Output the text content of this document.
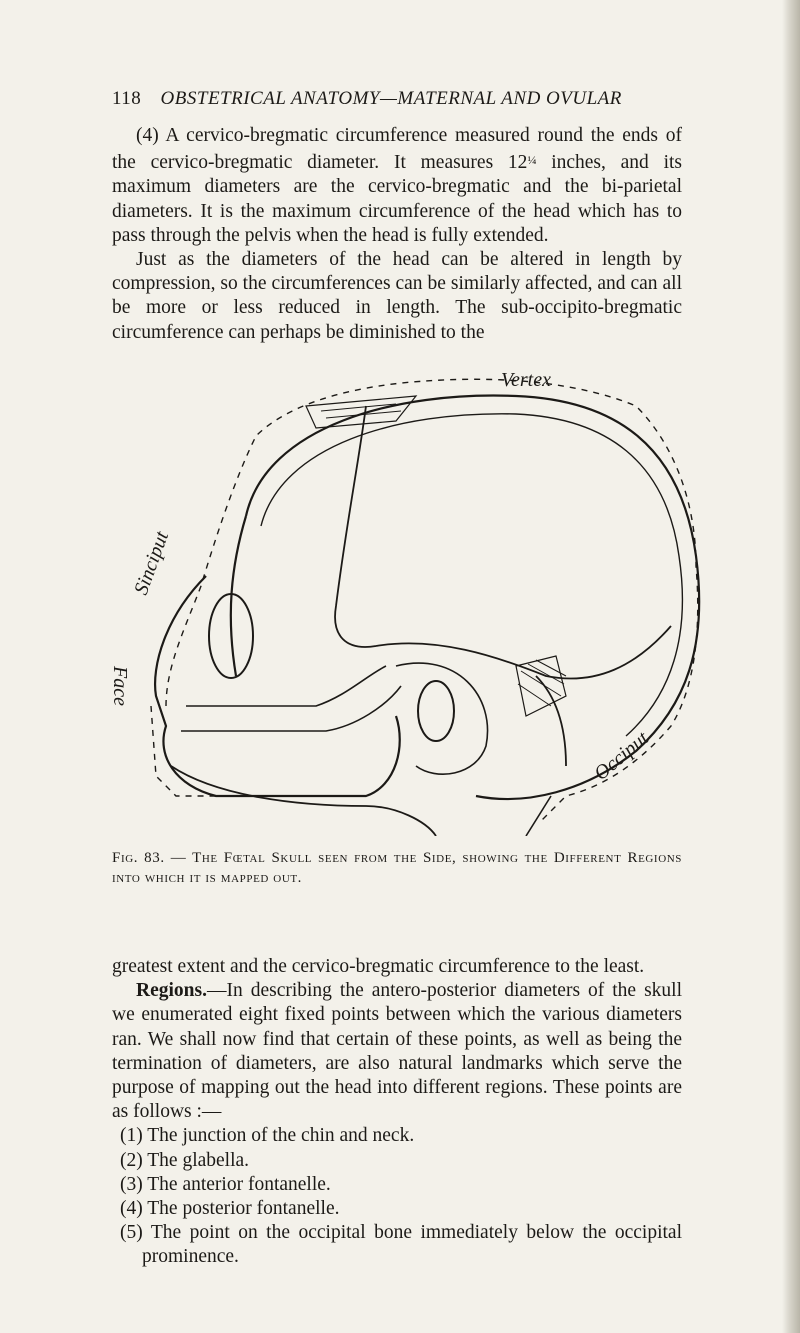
118 OBSTETRICAL ANATOMY—MATERNAL AND OVULAR

(4) A cervico-bregmatic circumference measured round the ends of the cervico-bregmatic diameter. It measures $12^{\frac{1}{4}}$ inches, and its maximum diameters are the cervico-bregmatic and the bi-parietal diameters. It is the maximum circumference of the head which has to pass through the pelvis when the head is fully extended.

Just as the diameters of the head can be altered in length by compression, so the circumferences can be similarly affected, and can all be more or less reduced in length. The sub-occipito-bregmatic circumference can perhaps be diminished to the

Vertex
Sinciput
Face
Occiput
Fig. 83. — The Fœtal Skull seen from the Side, showing the Different Regions into which it is mapped out.

greatest extent and the cervico-bregmatic circumference to the least.

Regions.—In describing the antero-posterior diameters of the skull we enumerated eight fixed points between which the various diameters ran. We shall now find that certain of these points, as well as being the termination of diameters, are also natural landmarks which serve the purpose of mapping out the head into different regions. These points are as follows :—

(1) The junction of the chin and neck.
(2) The glabella.
(3) The anterior fontanelle.
(4) The posterior fontanelle.
(5) The point on the occipital bone immediately below the occipital prominence.
